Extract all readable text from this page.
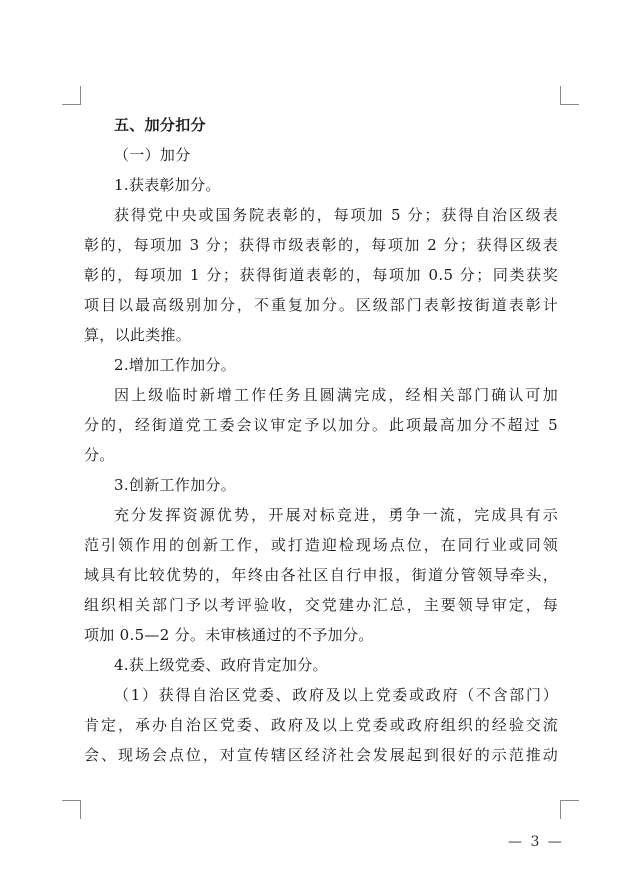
五、加分扣分
（一）加分
1.获表彰加分。
获得党中央或国务院表彰的，每项加 5 分；获得自治区级表
彰的，每项加 3 分；获得市级表彰的，每项加 2 分；获得区级表
彰的，每项加 1 分；获得街道表彰的，每项加 0.5 分；同类获奖
项目以最高级别加分，不重复加分。区级部门表彰按街道表彰计
算，以此类推。
2.增加工作加分。
因上级临时新增工作任务且圆满完成，经相关部门确认可加
分的，经街道党工委会议审定予以加分。此项最高加分不超过 5
分。
3.创新工作加分。
充分发挥资源优势，开展对标竞进，勇争一流，完成具有示
范引领作用的创新工作，或打造迎检现场点位，在同行业或同领
域具有比较优势的，年终由各社区自行申报，街道分管领导牵头，
组织相关部门予以考评验收，交党建办汇总，主要领导审定，每
项加 0.5—2 分。未审核通过的不予加分。
4.获上级党委、政府肯定加分。
（1）获得自治区党委、政府及以上党委或政府（不含部门）
肯定，承办自治区党委、政府及以上党委或政府组织的经验交流
会、现场会点位，对宣传辖区经济社会发展起到很好的示范推动
— 3 —
